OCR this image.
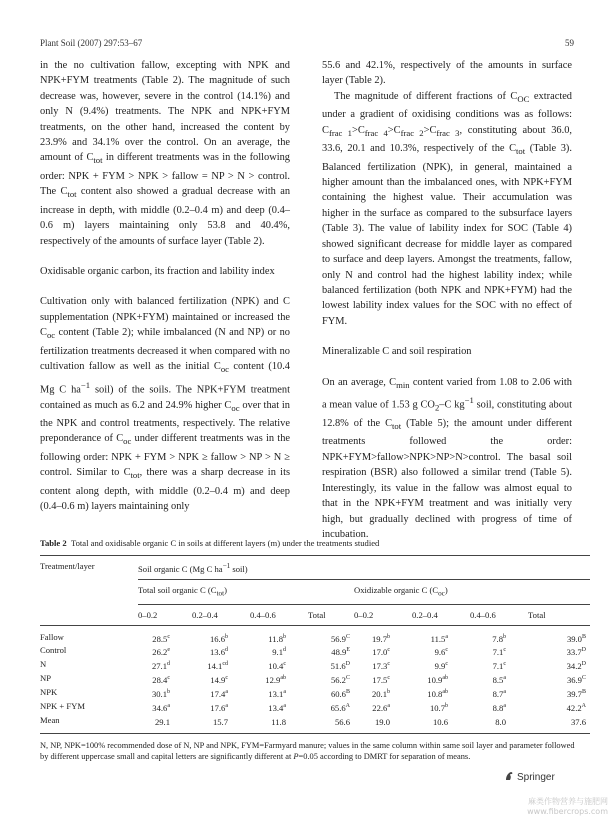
Plant Soil (2007) 297:53–67	59

in the no cultivation fallow, excepting with NPK and NPK+FYM treatments (Table 2). The magnitude of such decrease was, however, severe in the control (14.1%) and only N (9.4%) treatments. The NPK and NPK+FYM treatments, on the other hand, increased the content by 23.9% and 34.1% over the control. On an average, the amount of $C_{tot}$ in different treatments was in the following order: NPK + FYM > NPK > fallow = NP > N > control. The $C_{tot}$ content also showed a gradual decrease with an increase in depth, with middle (0.2–0.4 m) and deep (0.4–0.6 m) layers maintaining only 53.8 and 40.4%, respectively of the amounts of surface layer (Table 2).

Oxidisable organic carbon, its fraction and lability index

Cultivation only with balanced fertilization (NPK) and C supplementation (NPK+FYM) maintained or increased the $C_{oc}$ content (Table 2); while imbalanced (N and NP) or no fertilization treatments decreased it when compared with no cultivation fallow as well as the initial $C_{oc}$ content (10.4 Mg C $ha^{-1}$ soil) of the soils. The NPK+FYM treatment contained as much as 6.2 and 24.9% higher $C_{oc}$ over that in the NPK and control treatments, respectively. The relative preponderance of $C_{oc}$ under different treatments was in the following order: NPK + FYM > NPK ≥ fallow > NP > N ≥ control. Similar to $C_{tot}$, there was a sharp decrease in its content along depth, with middle (0.2–0.4 m) and deep (0.4–0.6 m) layers maintaining only

55.6 and 42.1%, respectively of the amounts in surface layer (Table 2).

The magnitude of different fractions of $C_{OC}$ extracted under a gradient of oxidising conditions was as follows: $C_{frac 1}>C_{frac 4}>C_{frac 2}>C_{frac 3}$, constituting about 36.0, 33.6, 20.1 and 10.3%, respectively of the $C_{tot}$ (Table 3). Balanced fertilization (NPK), in general, maintained a higher amount than the imbalanced ones, with NPK+FYM containing the highest value. Their accumulation was higher in the surface as compared to the subsurface layers (Table 3). The value of lability index for SOC (Table 4) showed significant decrease for middle layer as compared to surface and deep layers. Amongst the treatments, fallow, only N and control had the highest lability index; while balanced fertilization (both NPK and NPK+FYM) had the lowest lability index values for the SOC with no effect of FYM.

Mineralizable C and soil respiration

On an average, $C_{min}$ content varied from 1.08 to 2.06 with a mean value of 1.53 g $CO_2-C$ $kg^{-1}$ soil, constituting about 12.8% of the $C_{tot}$ (Table 5); the amount under different treatments followed the order: NPK+FYM>fallow>NPK>NP>N>control. The basal soil respiration (BSR) also followed a similar trend (Table 5). Interestingly, its value in the fallow was almost equal to that in the NPK+FYM treatment and was initially very high, but gradually declined with progress of time of incubation.

Table 2 Total and oxidisable organic C in soils at different layers (m) under the treatments studied

Treatment/layer	Soil organic C (Mg C $ha^{-1}$ soil)							
	Total soil organic C $(C_{tot})$				Oxidizable organic C $(C_{oc})$			
	0–0.2	0.2–0.4	0.4–0.6	Total	0–0.2	0.2–0.4	0.4–0.6	Total
Fallow	28.5$^c$	16.6$^b$	11.8$^b$	$56.9^C$	19.7$^b$	11.5$^a$	7.8$^b$	$39.0^B$
Control	26.2e	13.6$^d$	9.1$^d$	$48.9^E$	17.0$^c$	9.6$^c$	7.1$^c$	$33.7^D$
N	27.1$^d$	14.1$^{cd}$	10.4$^c$	$51.6^D$	17.3$^c$	9.9$^c$	7.1$^c$	$34.2^D$
NP	28.4$^c$	14.9$^c$	12.9$^{ab}$	$56.2^C$	17.5$^c$	10.9$^{ab}$	8.5$^a$	$36.9^C$
NPK	30.1$^b$	17.4$^a$	13.1$^a$	$60.6^B$	20.1$^b$	10.8$^{ab}$	8.7$^a$	$39.7^B$
NPK + FYM	34.6$^a$	17.6$^a$	13.4$^a$	$65.6^A$	22.6$^a$	10.7$^b$	8.8$^a$	$42.2^A$
Mean	29.1	15.7	11.8	56.6	19.0	10.6	8.0	37.6

N, NP, NPK=100% recommended dose of N, NP and NPK, FYM=Farmyard manure; values in the same column within same soil layer and parameter followed by different uppercase small and capital letters are significantly different at P=0.05 according to DMRT for separation of means.

Springer
麻类作物营养与施肥网
www.fibercrops.com
